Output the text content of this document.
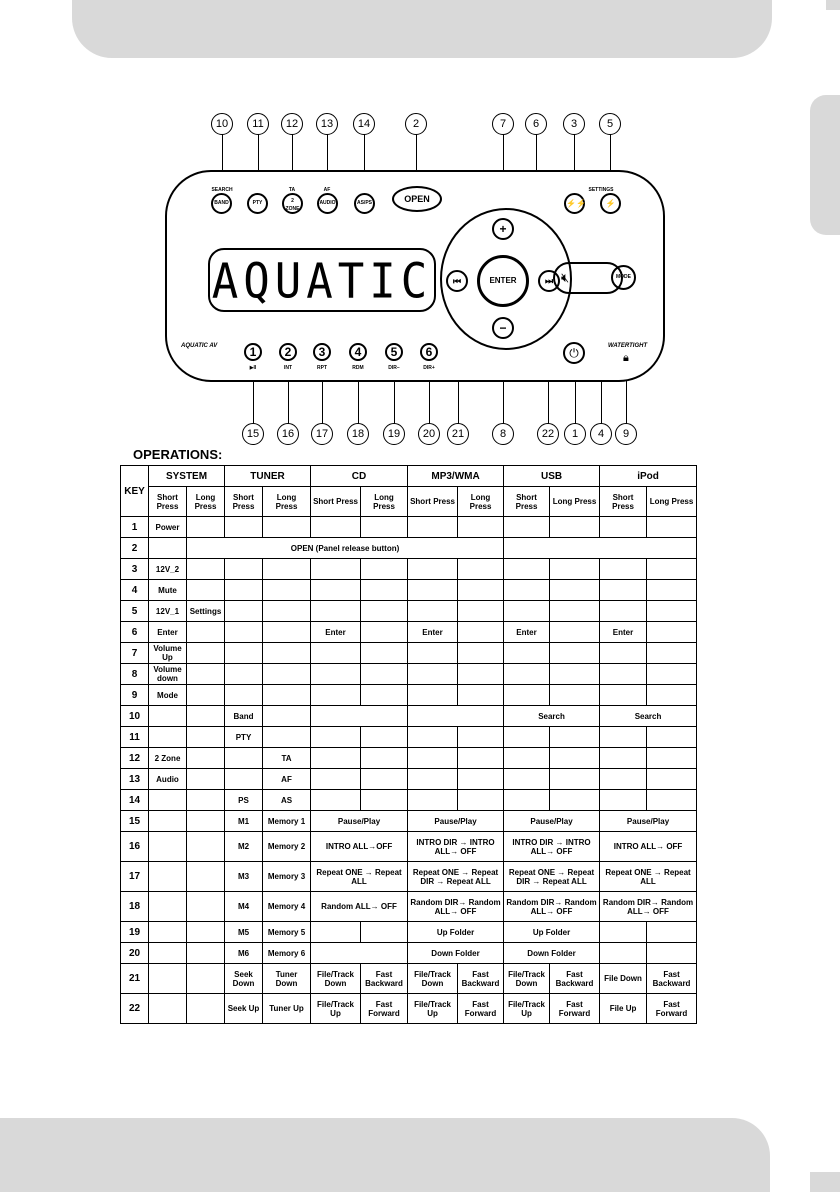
AQUATIC
SEARCH
BAND	PTY
TA
2 ZONE
AF
AUDIO	AS/PS	OPEN	⚡⚡
SETTINGS
⚡
+
−
⏮	⏭
ENTER	🔇︎	MODE
1
▶II
2
INT
3
RPT
4
RDM
5
DIR−
6
DIR+
⏻
AQUATIC AV	WATERTIGHT
🔒︎
10	11	12	13	14	2	7	6	3	5
15	16	17	18	19	20	21	8	22	1	4	9
OPERATIONS:
KEY	SYSTEM		TUNER		CD		MP3/WMA		USB		iPod	
	Short Press	Long Press	Short Press	Long Press	Short Press	Long Press	Short Press	Long Press	Short Press	Long Press	Short Press	Long Press
1	Power											
2		OPEN (Panel release button)										
3	12V_2											
4	Mute											
5	12V_1	Settings										
6	Enter				Enter		Enter		Enter		Enter	
7	Volume Up											
8	Volume down											
9	Mode											
10			Band						Search		Search	
11			PTY									
12	2 Zone			TA								
13	Audio			AF								
14			PS	AS								
15			M1	Memory 1	Pause/Play		Pause/Play		Pause/Play		Pause/Play	
16			M2	Memory 2	INTRO ALL→OFF		INTRO DIR → INTRO ALL→ OFF		INTRO DIR → INTRO ALL→ OFF		INTRO ALL→ OFF	
17			M3	Memory 3	Repeat ONE → Repeat ALL		Repeat ONE → Repeat DIR → Repeat ALL		Repeat ONE → Repeat DIR → Repeat ALL		Repeat ONE → Repeat ALL	
18			M4	Memory 4	Random ALL→ OFF		Random DIR→ Random ALL→ OFF		Random DIR→ Random ALL→ OFF		Random DIR→ Random ALL→ OFF	
19			M5	Memory 5			Up Folder		Up Folder			
20			M6	Memory 6			Down Folder		Down Folder			
21			Seek Down	Tuner Down	File/Track Down	Fast Backward	File/Track Down	Fast Backward	File/Track Down	Fast Backward	File Down	Fast Backward
22			Seek Up	Tuner Up	File/Track Up	Fast Forward	File/Track Up	Fast Forward	File/Track Up	Fast Forward	File Up	Fast Forward
